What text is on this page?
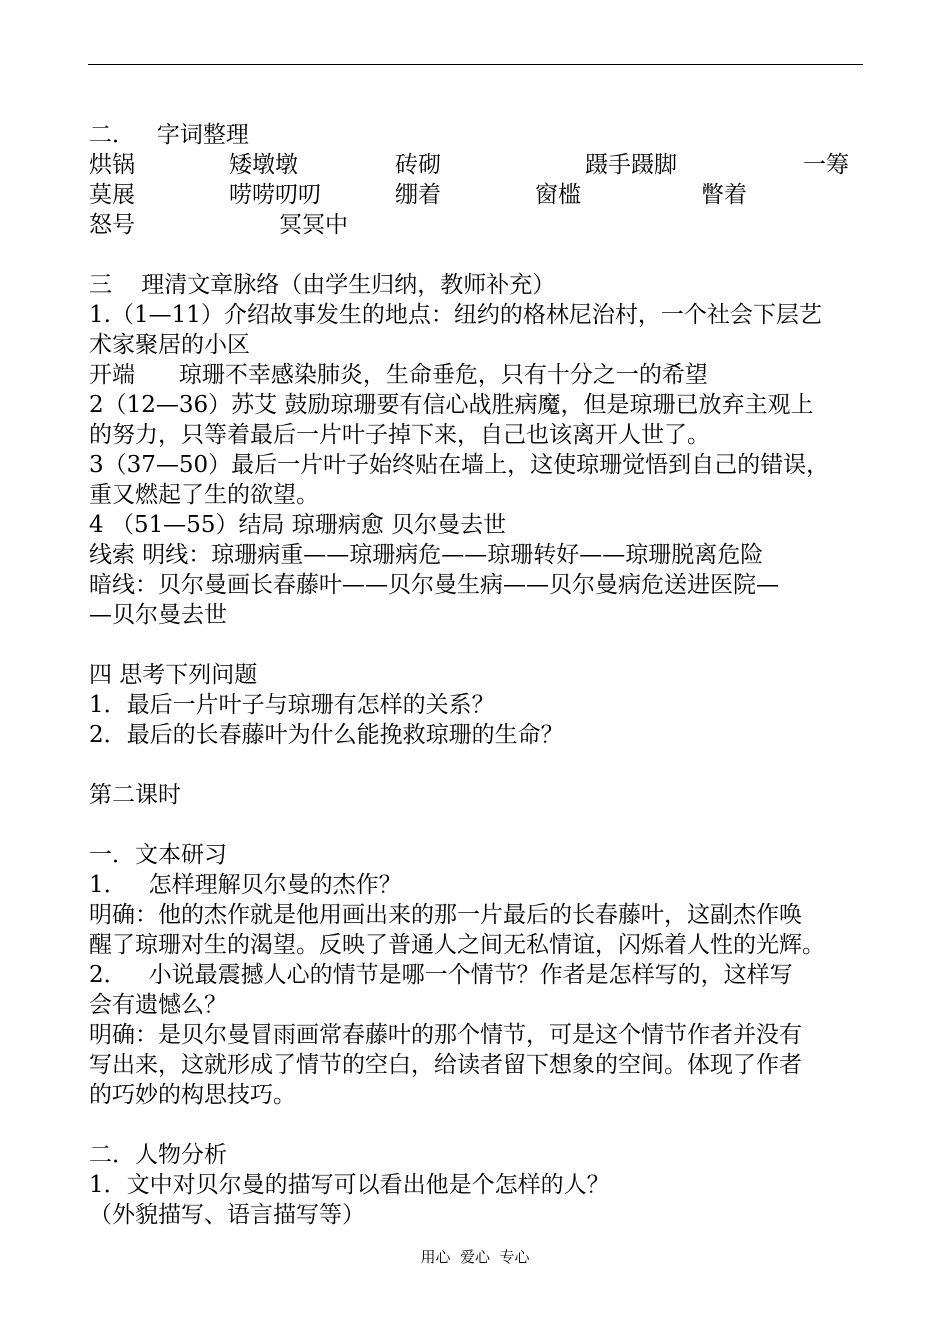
二．   字词整理
烘锅	矮墩墩	砖砌	蹑手蹑脚	一筹
莫展	唠唠叨叨	绷着	窗槛	瞥着
怒号	冥冥中
三    理清文章脉络（由学生归纳，教师补充）
1.（1—11）介绍故事发生的地点：纽约的格林尼治村，一个社会下层艺
术家聚居的小区
开端      琼珊不幸感染肺炎，生命垂危，只有十分之一的希望
2（12—36）苏艾 鼓励琼珊要有信心战胜病魔，但是琼珊已放弃主观上
的努力，只等着最后一片叶子掉下来，自己也该离开人世了。
3（37—50）最后一片叶子始终贴在墙上，这使琼珊觉悟到自己的错误，
重又燃起了生的欲望。
4 （51—55）结局 琼珊病愈 贝尔曼去世
线索 明线：琼珊病重——琼珊病危——琼珊转好——琼珊脱离危险
暗线：贝尔曼画长春藤叶——贝尔曼生病——贝尔曼病危送进医院—
—贝尔曼去世
四 思考下列问题
1．最后一片叶子与琼珊有怎样的关系？
2．最后的长春藤叶为什么能挽救琼珊的生命？
第二课时
一．文本研习
1．   怎样理解贝尔曼的杰作？
明确：他的杰作就是他用画出来的那一片最后的长春藤叶，这副杰作唤
醒了琼珊对生的渴望。反映了普通人之间无私情谊，闪烁着人性的光辉。
2．   小说最震撼人心的情节是哪一个情节？作者是怎样写的，这样写
会有遗憾么？
明确：是贝尔曼冒雨画常春藤叶的那个情节，可是这个情节作者并没有
写出来，这就形成了情节的空白，给读者留下想象的空间。体现了作者
的巧妙的构思技巧。
二．人物分析
1．文中对贝尔曼的描写可以看出他是个怎样的人？
（外貌描写、语言描写等）
用心  爱心  专心
